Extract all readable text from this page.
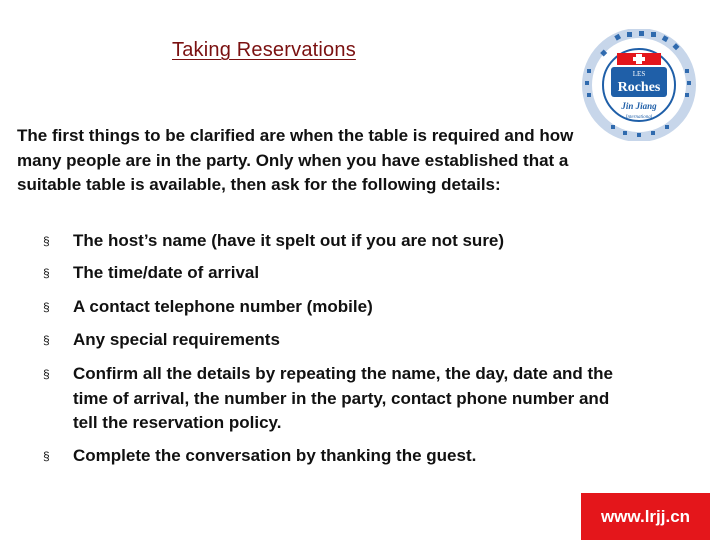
Taking Reservations
LES
Roches
Jin Jiang
International

The first things to be clarified are when the table is required and how many people are in the party. Only when you have established that a suitable table is available, then ask for the following details:

§ The host’s name (have it spelt out if you are not sure)
§ The time/date of arrival
§ A contact telephone number (mobile)
§ Any special requirements
§ Confirm all the details by repeating the name, the day, date and the time of arrival, the number in the party, contact phone number and tell the reservation policy.
§ Complete the conversation by thanking the guest.
www.lrjj.cn
